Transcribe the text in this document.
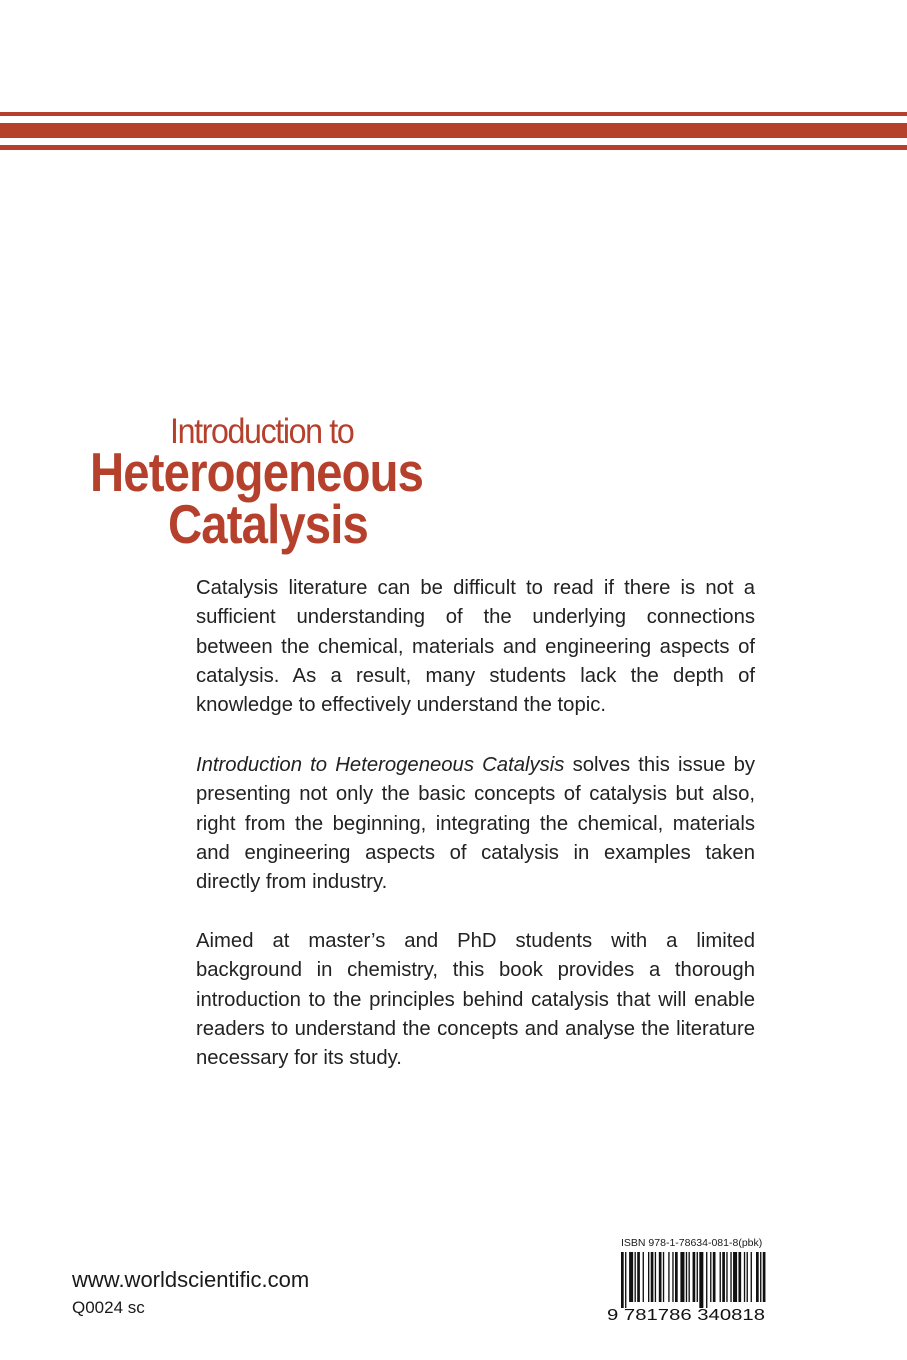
Introduction to
Heterogeneous
Catalysis

Catalysis literature can be difficult to read if there is not a sufficient understanding of the underlying connections between the chemical, materials and engineering aspects of catalysis. As a result, many students lack the depth of knowledge to effectively understand the topic.

Introduction to Heterogeneous Catalysis solves this issue by presenting not only the basic concepts of catalysis but also, right from the beginning, integrating the chemical, materials and engineering aspects of catalysis in examples taken directly from industry.

Aimed at master’s and PhD students with a limited background in chemistry, this book provides a thorough introduction to the principles behind catalysis that will enable readers to understand the concepts and analyse the literature necessary for its study.

www.worldscientific.com
Q0024 sc
ISBN 978-1-78634-081-8(pbk)
9 781786 340818
